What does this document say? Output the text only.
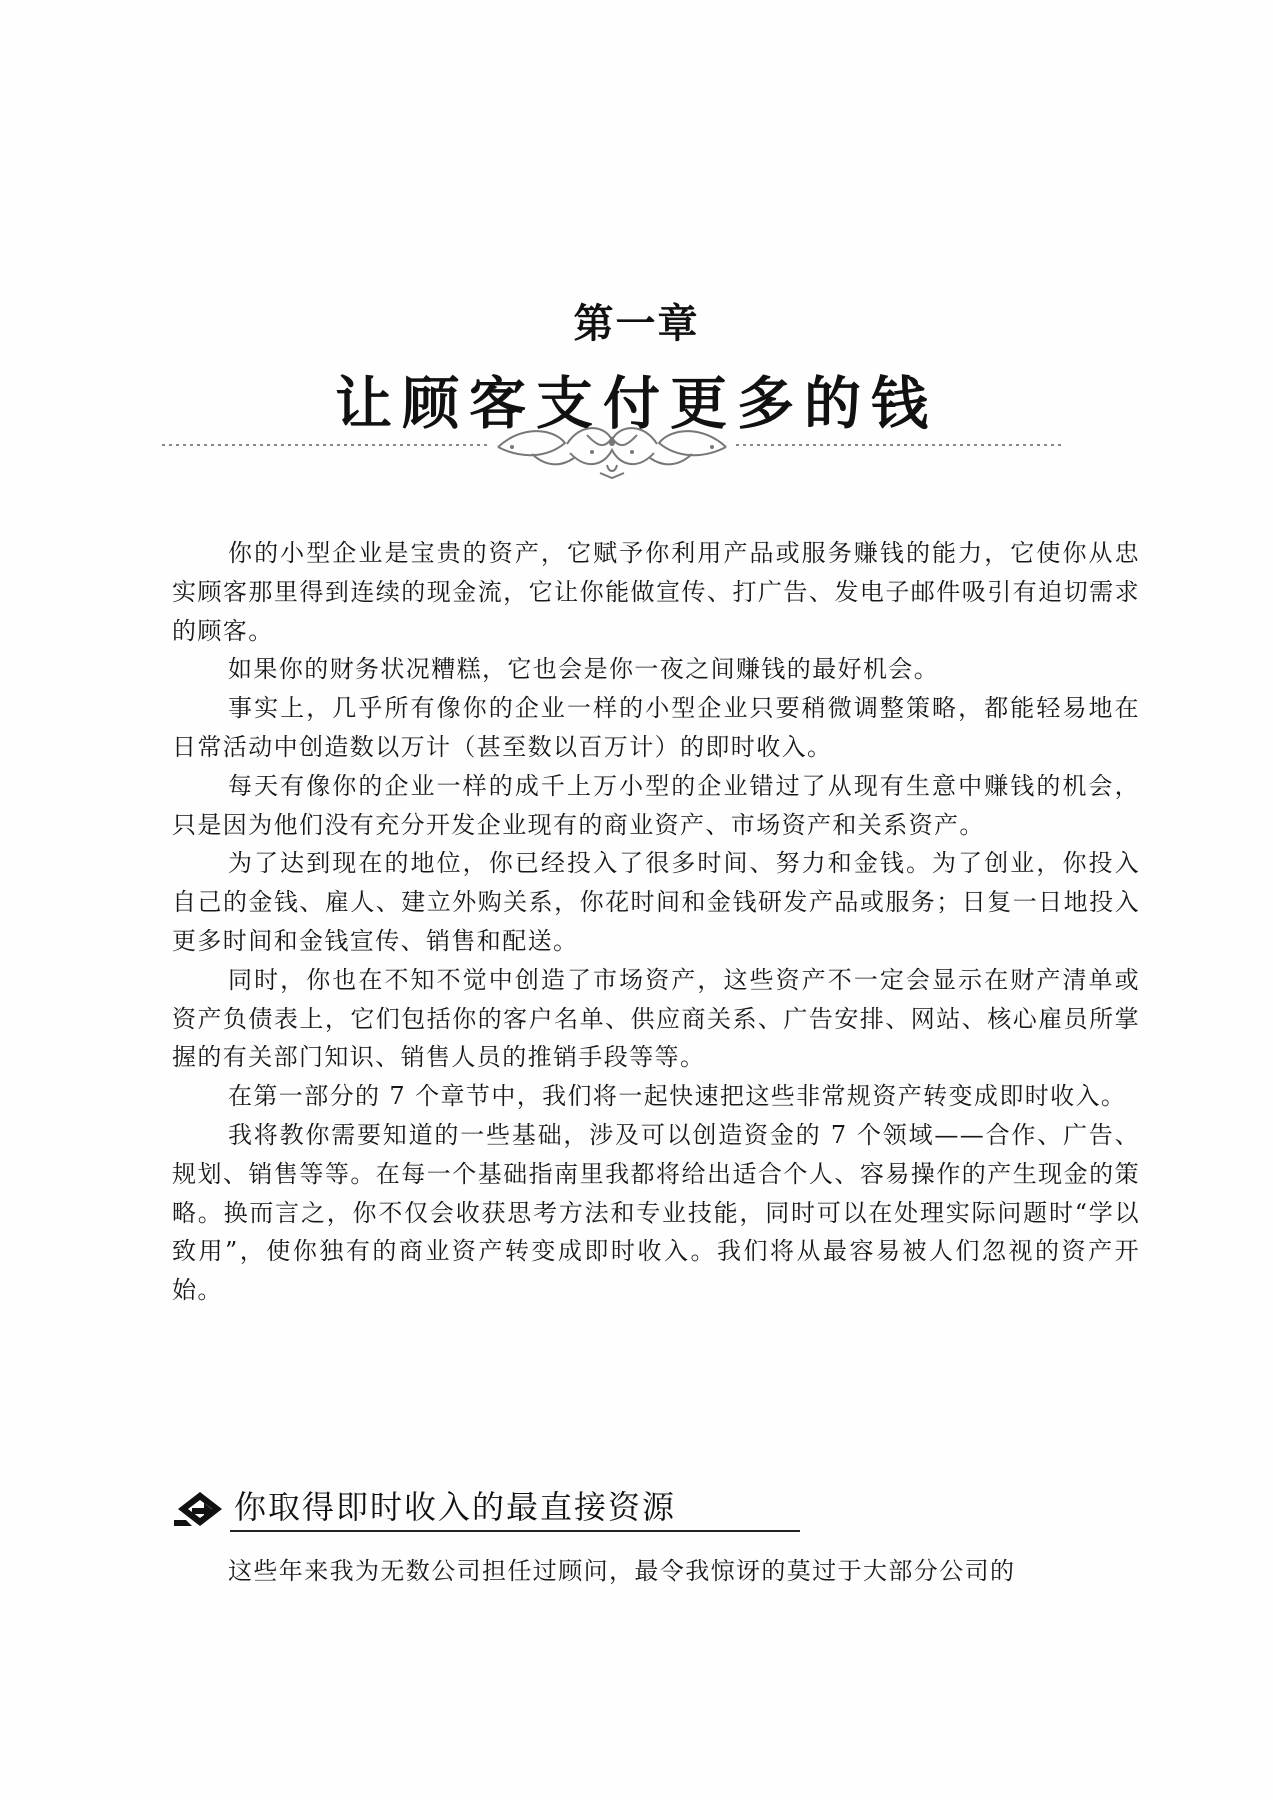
第一章
让顾客支付更多的钱

你的小型企业是宝贵的资产，它赋予你利用产品或服务赚钱的能力，它使你从忠实顾客那里得到连续的现金流，它让你能做宣传、打广告、发电子邮件吸引有迫切需求的顾客。

如果你的财务状况糟糕，它也会是你一夜之间赚钱的最好机会。

事实上，几乎所有像你的企业一样的小型企业只要稍微调整策略，都能轻易地在日常活动中创造数以万计（甚至数以百万计）的即时收入。

每天有像你的企业一样的成千上万小型的企业错过了从现有生意中赚钱的机会，只是因为他们没有充分开发企业现有的商业资产、市场资产和关系资产。

为了达到现在的地位，你已经投入了很多时间、努力和金钱。为了创业，你投入自己的金钱、雇人、建立外购关系，你花时间和金钱研发产品或服务；日复一日地投入更多时间和金钱宣传、销售和配送。

同时，你也在不知不觉中创造了市场资产，这些资产不一定会显示在财产清单或资产负债表上，它们包括你的客户名单、供应商关系、广告安排、网站、核心雇员所掌握的有关部门知识、销售人员的推销手段等等。

在第一部分的 7 个章节中，我们将一起快速把这些非常规资产转变成即时收入。

我将教你需要知道的一些基础，涉及可以创造资金的 7 个领域——合作、广告、规划、销售等等。在每一个基础指南里我都将给出适合个人、容易操作的产生现金的策略。换而言之，你不仅会收获思考方法和专业技能，同时可以在处理实际问题时“学以致用”，使你独有的商业资产转变成即时收入。我们将从最容易被人们忽视的资产开始。

你取得即时收入的最直接资源

这些年来我为无数公司担任过顾问，最令我惊讶的莫过于大部分公司的
